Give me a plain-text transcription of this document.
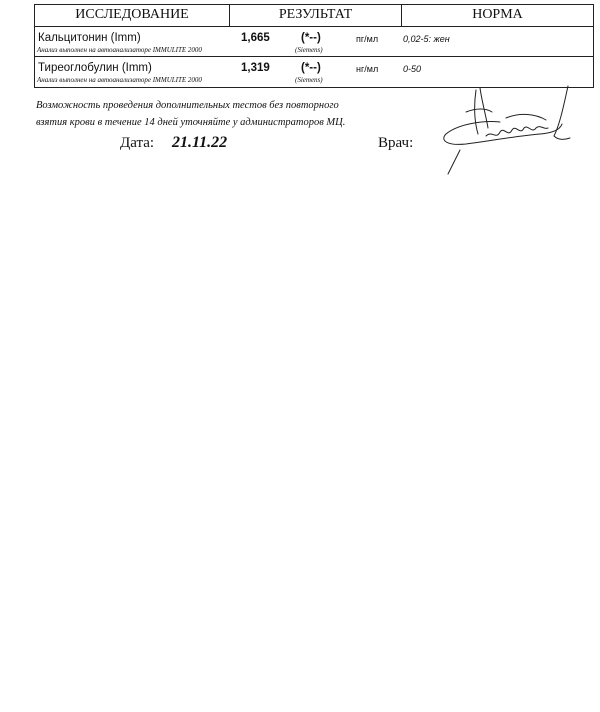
ИССЛЕДОВАНИЕ	РЕЗУЛЬТАТ	НОРМА
Кальцитонин (Imm)	1,665	(*--)	пг/мл	0,02-5: жен
Анализ выполнен на автоанализаторе IMMULITE 2000	(Siemens)
Тиреоглобулин (Imm)	1,319	(*--)	нг/мл	0-50
Анализ выполнен на автоанализаторе IMMULITE 2000	(Siemens)
Возможность проведения дополнительных тестов без повторного
взятия крови в течение 14 дней уточняйте у администраторов МЦ.
Дата: 21.11.22	Врач:
